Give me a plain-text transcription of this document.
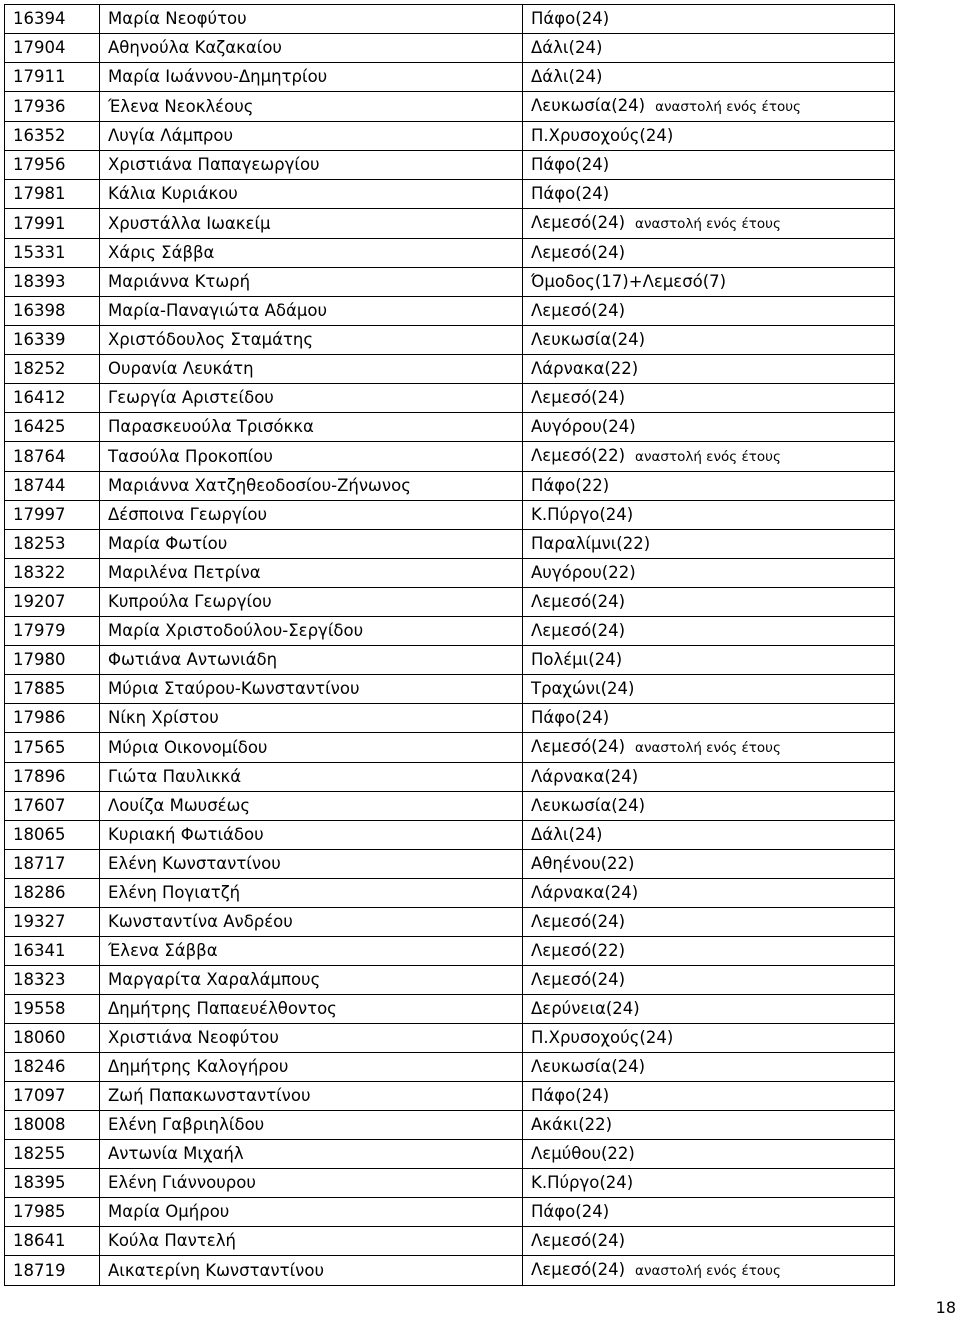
16394	Μαρία Νεοφύτου	Πάφο(24)
17904	Αθηνούλα Καζακαίου	Δάλι(24)
17911	Μαρία Ιωάννου-Δημητρίου	Δάλι(24)
17936	Έλενα Νεοκλέους	Λευκωσία(24) αναστολή ενός έτους
16352	Λυγία Λάμπρου	Π.Χρυσοχούς(24)
17956	Χριστιάνα Παπαγεωργίου	Πάφο(24)
17981	Κάλια Κυριάκου	Πάφο(24)
17991	Χρυστάλλα Ιωακείμ	Λεμεσό(24) αναστολή ενός έτους
15331	Χάρις Σάββα	Λεμεσό(24)
18393	Μαριάννα Κτωρή	Όμοδος(17)+Λεμεσό(7)
16398	Μαρία-Παναγιώτα Αδάμου	Λεμεσό(24)
16339	Χριστόδουλος Σταμάτης	Λευκωσία(24)
18252	Ουρανία Λευκάτη	Λάρνακα(22)
16412	Γεωργία Αριστείδου	Λεμεσό(24)
16425	Παρασκευούλα Τρισόκκα	Αυγόρου(24)
18764	Τασούλα Προκοπίου	Λεμεσό(22) αναστολή ενός έτους
18744	Μαριάννα Χατζηθεοδοσίου-Ζήνωνος	Πάφο(22)
17997	Δέσποινα Γεωργίου	Κ.Πύργο(24)
18253	Μαρία Φωτίου	Παραλίμνι(22)
18322	Μαριλένα Πετρίνα	Αυγόρου(22)
19207	Κυπρούλα Γεωργίου	Λεμεσό(24)
17979	Μαρία Χριστοδούλου-Σεργίδου	Λεμεσό(24)
17980	Φωτιάνα Αντωνιάδη	Πολέμι(24)
17885	Μύρια Σταύρου-Κωνσταντίνου	Τραχώνι(24)
17986	Νίκη Χρίστου	Πάφο(24)
17565	Μύρια Οικονομίδου	Λεμεσό(24) αναστολή ενός έτους
17896	Γιώτα Παυλικκά	Λάρνακα(24)
17607	Λουίζα Μωυσέως	Λευκωσία(24)
18065	Κυριακή Φωτιάδου	Δάλι(24)
18717	Ελένη Κωνσταντίνου	Αθηένου(22)
18286	Ελένη Πογιατζή	Λάρνακα(24)
19327	Κωνσταντίνα Ανδρέου	Λεμεσό(24)
16341	Έλενα Σάββα	Λεμεσό(22)
18323	Μαργαρίτα Χαραλάμπους	Λεμεσό(24)
19558	Δημήτρης Παπαευέλθοντος	Δερύνεια(24)
18060	Χριστιάνα Νεοφύτου	Π.Χρυσοχούς(24)
18246	Δημήτρης Καλογήρου	Λευκωσία(24)
17097	Ζωή Παπακωνσταντίνου	Πάφο(24)
18008	Ελένη Γαβριηλίδου	Ακάκι(22)
18255	Αντωνία Μιχαήλ	Λεμύθου(22)
18395	Ελένη Γιάννουρου	Κ.Πύργο(24)
17985	Μαρία Ομήρου	Πάφο(24)
18641	Κούλα Παντελή	Λεμεσό(24)
18719	Αικατερίνη Κωνσταντίνου	Λεμεσό(24) αναστολή ενός έτους
18
